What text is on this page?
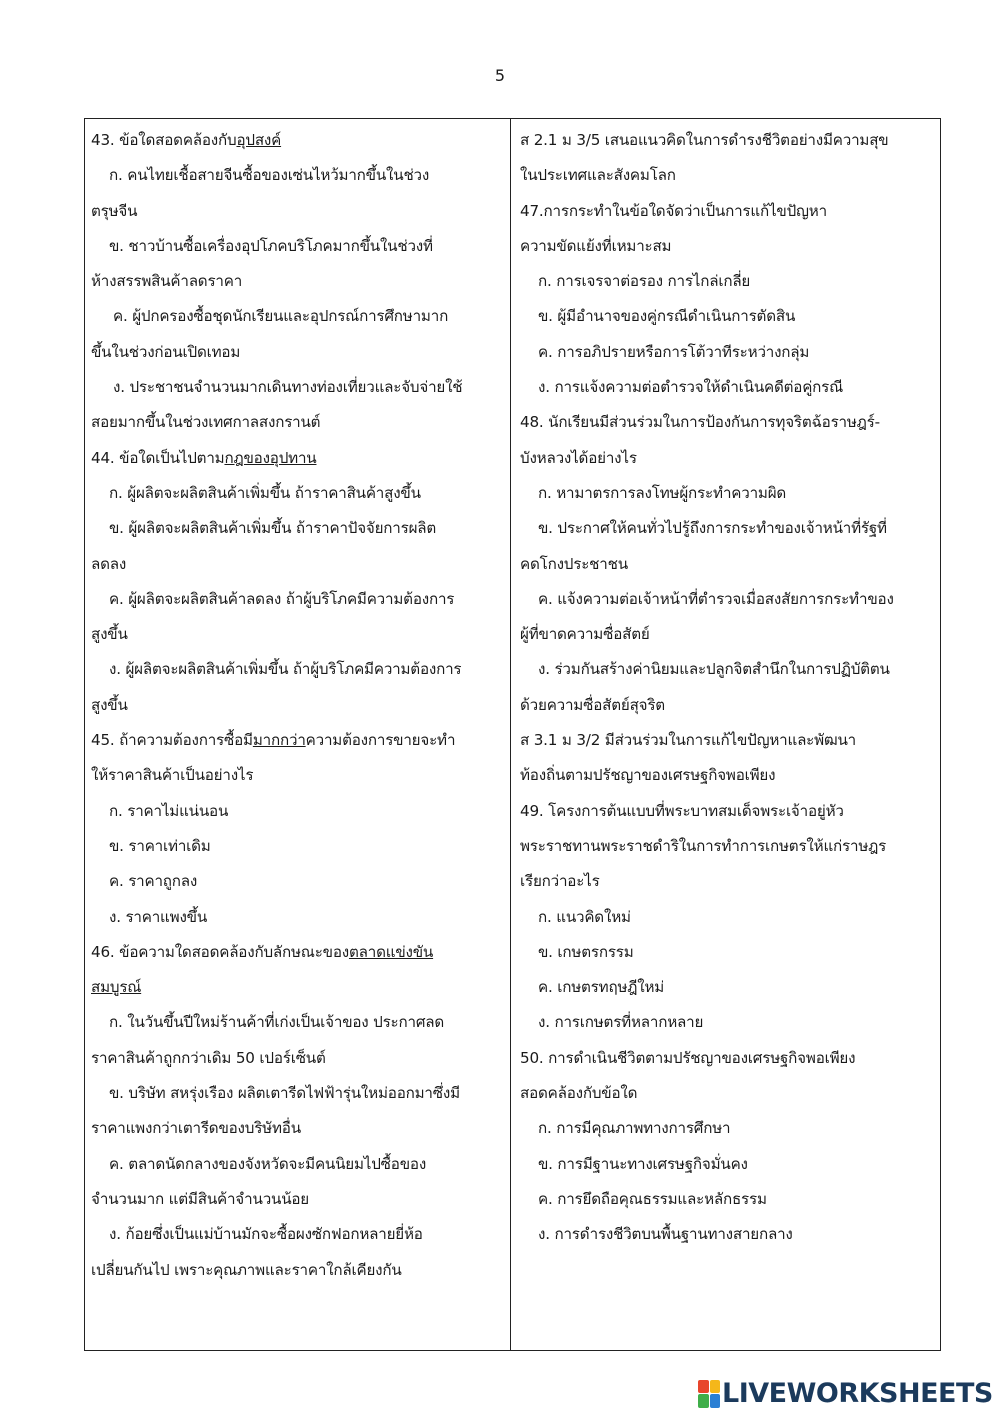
5
43. ข้อใดสอดคล้องกับอุปสงค์
ก. คนไทยเชื้อสายจีนซื้อของเซ่นไหว้มากขึ้นในช่วง
ตรุษจีน
ข. ชาวบ้านซื้อเครื่องอุปโภคบริโภคมากขึ้นในช่วงที่
ห้างสรรพสินค้าลดราคา
ค. ผู้ปกครองซื้อชุดนักเรียนและอุปกรณ์การศึกษามาก
ขึ้นในช่วงก่อนเปิดเทอม
ง. ประชาชนจำนวนมากเดินทางท่องเที่ยวและจับจ่ายใช้
สอยมากขึ้นในช่วงเทศกาลสงกรานต์
44. ข้อใดเป็นไปตามกฎของอุปทาน
ก. ผู้ผลิตจะผลิตสินค้าเพิ่มขึ้น ถ้าราคาสินค้าสูงขึ้น
ข. ผู้ผลิตจะผลิตสินค้าเพิ่มขึ้น ถ้าราคาปัจจัยการผลิต
ลดลง
ค. ผู้ผลิตจะผลิตสินค้าลดลง ถ้าผู้บริโภคมีความต้องการ
สูงขึ้น
ง. ผู้ผลิตจะผลิตสินค้าเพิ่มขึ้น ถ้าผู้บริโภคมีความต้องการ
สูงขึ้น
45. ถ้าความต้องการซื้อมีมากกว่าความต้องการขายจะทำ
ให้ราคาสินค้าเป็นอย่างไร
ก. ราคาไม่แน่นอน
ข. ราคาเท่าเดิม
ค. ราคาถูกลง
ง. ราคาแพงขึ้น
46. ข้อความใดสอดคล้องกับลักษณะของตลาดแข่งขัน
สมบูรณ์
ก. ในวันขึ้นปีใหม่ร้านค้าที่เก่งเป็นเจ้าของ ประกาศลด
ราคาสินค้าถูกกว่าเดิม 50 เปอร์เซ็นต์
ข. บริษัท สหรุ่งเรือง ผลิตเตารีดไฟฟ้ารุ่นใหม่ออกมาซึ่งมี
ราคาแพงกว่าเตารีดของบริษัทอื่น
ค. ตลาดนัดกลางของจังหวัดจะมีคนนิยมไปซื้อของ
จำนวนมาก แต่มีสินค้าจำนวนน้อย
ง. ก้อยซึ่งเป็นแม่บ้านมักจะซื้อผงซักฟอกหลายยี่ห้อ
เปลี่ยนกันไป เพราะคุณภาพและราคาใกล้เคียงกัน
ส 2.1 ม 3/5 เสนอแนวคิดในการดำรงชีวิตอย่างมีความสุข
ในประเทศและสังคมโลก
47.การกระทำในข้อใดจัดว่าเป็นการแก้ไขปัญหา
ความขัดแย้งที่เหมาะสม
ก. การเจรจาต่อรอง การไกล่เกลี่ย
ข. ผู้มีอำนาจของคู่กรณีดำเนินการตัดสิน
ค. การอภิปรายหรือการโต้วาทีระหว่างกลุ่ม
ง. การแจ้งความต่อตำรวจให้ดำเนินคดีต่อคู่กรณี
48. นักเรียนมีส่วนร่วมในการป้องกันการทุจริตฉ้อราษฎร์-
บังหลวงได้อย่างไร
ก. หามาตรการลงโทษผู้กระทำความผิด
ข. ประกาศให้คนทั่วไปรู้ถึงการกระทำของเจ้าหน้าที่รัฐที่
คดโกงประชาชน
ค. แจ้งความต่อเจ้าหน้าที่ตำรวจเมื่อสงสัยการกระทำของ
ผู้ที่ขาดความซื่อสัตย์
ง. ร่วมกันสร้างค่านิยมและปลูกจิตสำนึกในการปฏิบัติตน
ด้วยความซื่อสัตย์สุจริต
ส 3.1 ม 3/2 มีส่วนร่วมในการแก้ไขปัญหาและพัฒนา
ท้องถิ่นตามปรัชญาของเศรษฐกิจพอเพียง
49. โครงการต้นแบบที่พระบาทสมเด็จพระเจ้าอยู่หัว
พระราชทานพระราชดำริในการทำการเกษตรให้แก่ราษฎร
เรียกว่าอะไร
ก. แนวคิดใหม่
ข. เกษตรกรรม
ค. เกษตรทฤษฎีใหม่
ง. การเกษตรที่หลากหลาย
50. การดำเนินชีวิตตามปรัชญาของเศรษฐกิจพอเพียง
สอดคล้องกับข้อใด
ก. การมีคุณภาพทางการศึกษา
ข. การมีฐานะทางเศรษฐกิจมั่นคง
ค. การยึดถือคุณธรรมและหลักธรรม
ง. การดำรงชีวิตบนพื้นฐานทางสายกลาง
LIVEWORKSHEETS
